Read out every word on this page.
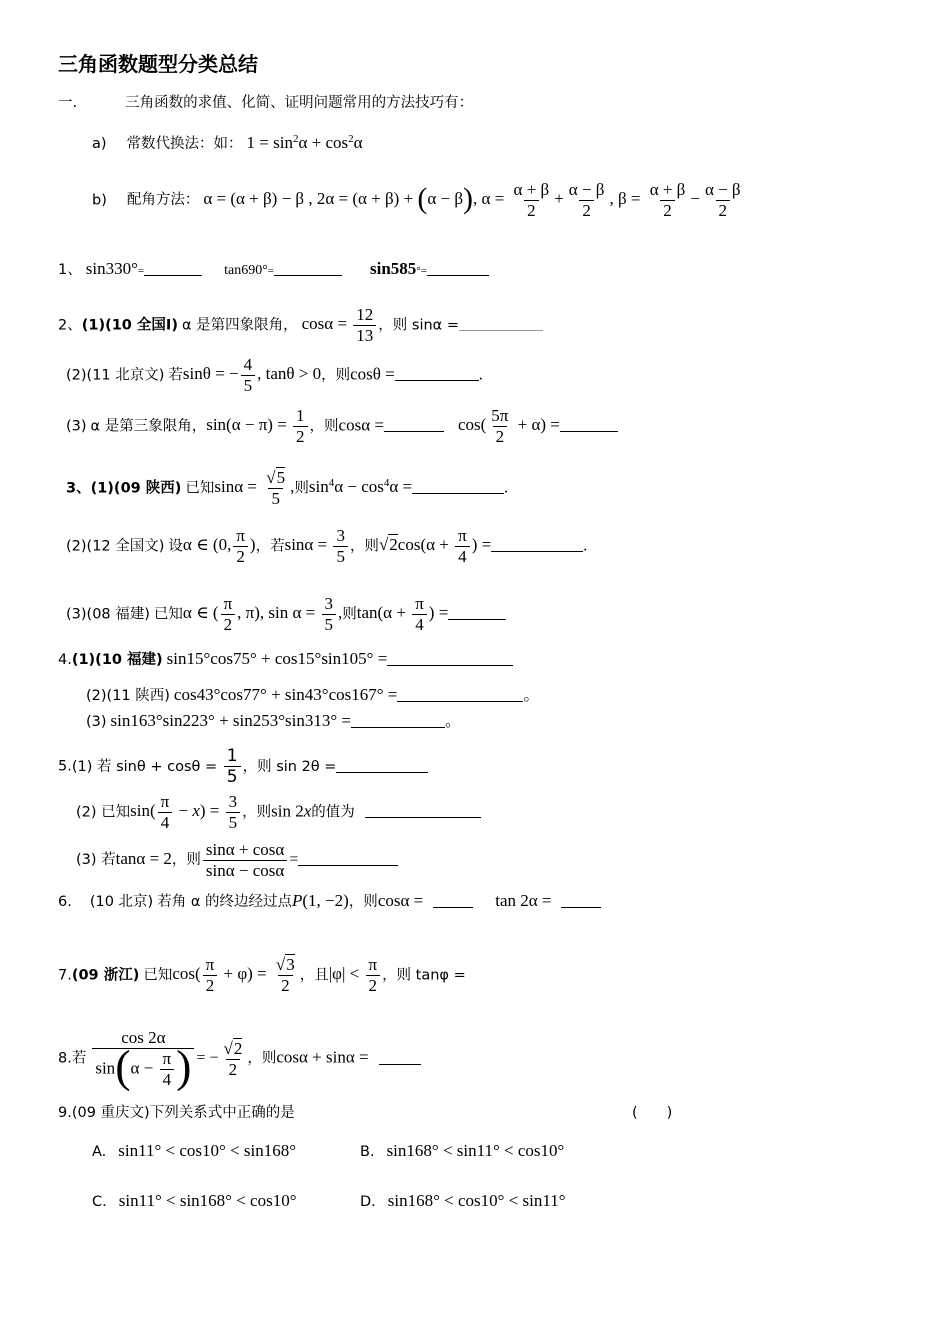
三角函数题型分类总结
一.	三角函数的求值、化简、证明问题常用的方法技巧有：
a) 常数代换法：如： $1 = \sin^2\alpha + \cos^2\alpha$
b) 配角方法： α = (α + β) − β , 2α = (α + β) + (α − β), $\alpha = \frac{\alpha + \beta}{2} + \frac{\alpha - \beta}{2}$ , $\beta = \frac{\alpha + \beta}{2} - \frac{\alpha - \beta}{2}$
1、 sin330°=	tan690°=	sin585°=
2、(1)(10 全国Ⅰ) α 是第四象限角， $\cos\alpha = \frac{12}{13}$ ，则 sinα =
(2)(11 北京文) 若sinθ = − $\frac{4}{5}$ , tanθ > 0，则cosθ =	.
(3) α 是第三象限角，$\sin(\alpha - \pi) = \frac{1}{2}$ ，则cosα =	$\cos( \frac{5\pi}{2} + \alpha)$ =
3、(1)(09 陕西) 已知$\sin\alpha = \frac{√5}{5}$ ,则$\sin^4\alpha - \cos^4\alpha$ =	.
(2)(12 全国文) 设α ∈ (0, $\frac{\pi}{2}$ )，若$\sin\alpha = \frac{3}{5}$ ，则$√2\cos(\alpha + \frac{\pi}{4}$ ) =	.
(3)(08 福建) 已知α ∈ ( $\frac{\pi}{2}$ , π), $\sin \alpha = \frac{3}{5}$ ,则$\tan(\alpha + \frac{\pi}{4}$ ) =
4.(1)(10 福建) sin15°cos75° + cos15°sin105° =
(2)(11 陕西) cos43°cos77° + sin43°cos167° =	。
(3) sin163°sin223° + sin253°sin313° =	。
5.(1) 若 $\sin\theta + \cos\theta = \frac{1}{5}$ ，则 sin 2θ =
(2) 已知$\sin( \frac{\pi}{4} - x) = \frac{3}{5}$ ，则sin 2x的值为
(3) 若tanα = 2，则 $\frac{\sin\alpha + \cos\alpha}{\sin\alpha - \cos\alpha}$ =
6. (10 北京) 若角 α 的终边经过点P(1, −2)，则cosα =	tan 2α =
7.(09 浙江) 已知$\cos( \frac{\pi}{2} + \varphi) = \frac{√3}{2}$ ，且$|\varphi| < \frac{\pi}{2}$ ，则 tanφ =
8.若 $\frac{\cos 2\alpha}{\sin(\alpha - \frac{\pi}{4} )}$ = − $\frac{√2}{2}$ ，则cosα + sinα =
9.(09 重庆文)下列关系式中正确的是	(　　)
A. sin11° < cos10° < sin168°	B. sin168° < sin11° < cos10°
C. sin11° < sin168° < cos10°	D. sin168° < cos10° < sin11°
